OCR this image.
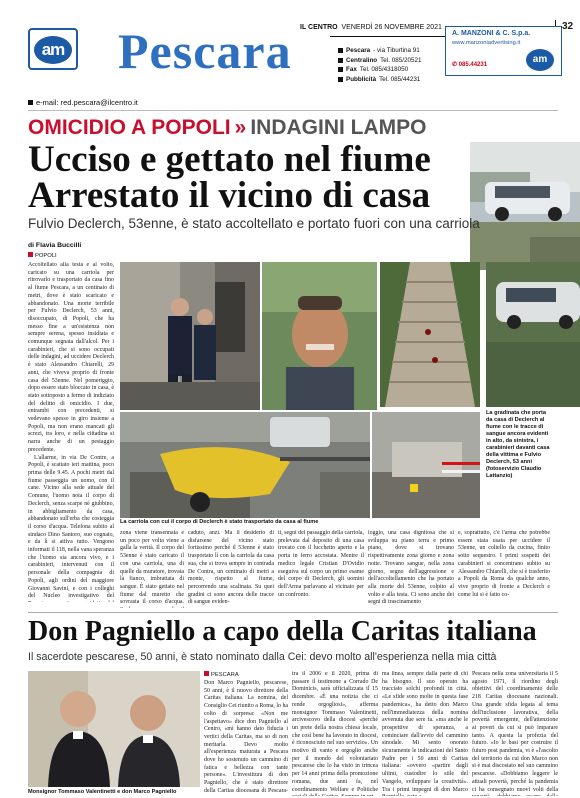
am Pescara IL CENTRO VENERDÌ 26 NOVEMBRE 2021	32
Pescara - via Tiburtina 91
Centralino Tel. 085/20521
Fax Tel. 085/4318050
Pubblicità Tel. 085/44231
A. MANZONI & C. S.p.a.
www.manzoniadvertising.it
✆ 085.44231	am
e-mail: red.pescara@ilcentro.it
OMICIDIO A POPOLI » INDAGINI LAMPO
Ucciso e gettato nel fiume
Arrestato il vicino di casa
Fulvio Declerch, 53enne, è stato accoltellato e portato fuori con una carriola
di Flavia Buccilli
POPOLI

Accoltellato alla testa e al volto, caricato su una carriola per ritrovarlo e trasportato da casa fino al fiume Pescara, a un centinaio di metri, dove è stato scaricato e abbandonato. Una morte terribile per Fulvio Declerch, 53 anni, disoccupato, di Popoli, che ha messo fine a un'esistenza non sempre serena, spesso insidiata e comunque segnata dall'alcol. Per i carabinieri, che si sono occupati delle indagini, ad uccidere Declerch è stato Alessandro Chiarelli, 29 anni, che viveva proprio di fronte casa del 53enne. Nel pomeriggio, dopo essere stato bloccato in casa, è stato sottoposto a fermo di indiziato del delitto di omicidio. I due, entrambi con precedenti, si vedevano spesso in giro insieme a Popoli, ma non erano mancati gli screzi, tra loro, e nella cittadina si narra anche di un pestaggio precedente.

L'allarme, in via De Contre, a Popoli, è scattato ieri mattina, poco prima delle 9.45. A pochi metri dal fiume passeggia un uomo, con il cane. Vicino alla sede attuale del Comune, l'uomo nota il corpo di Declerch, senza scarpe né giubbino, in abbigliamento da casa, abbandonato sull'erba che costeggia il corso d'acqua. Telefona subito al sindaco Dino Santoro, suo cognato, e da lì si attiva tutto. Vengono informati il 118, nella vana speranza che l'uomo sia ancora vivo, e i carabinieri, intervenuti con il personale della compagnia di Popoli, agli ordini del maggiore Giovanni Savini, e con i colleghi del Nucleo investigativo del

La gradinata che porta da casa di Declerch al fiume con le tracce di sangue ancora evidenti in alto, da sinistra, i carabinieri davanti casa della vittima e Fulvio Declerch, 53 anni (fotoservizio Claudio Lattanzio)
La carriola con cui il corpo di Declerch è stato trasportato da casa al fiume
zona viene transennata e un poco per volta viene a galla la verità. Il corpo del 53enne è stato caricato il con una carriola, una di quelle da muratore, trovata là fianco, imbrattata di sangue. È stato gettato nel fiume dal muretto che sovrasta il corso d'acqua.
caduto, anzi. Ma il desiderio di disfarsene del vicino stato fortissimo perché il 53enne è stato trasportato lì con la carriola da casa sua, che si trova sempre in contrada De Contra, un centinaio di metri a monte, rispetto al fiume, percorrendo una scalinata. Su quei gradini ci sono ancora delle tracce di sangue eviden-
ti, segni del passaggio della carriola, prelevata dal deposito di una casa trovato con il lucchetto aperto e la porta in ferro accostata. Mentre il medico legale Cristian D'Ovidio eseguiva sul corpo un primo esame del corpo di Declerch, gli uomini dell'Arma parlavano al vicinato per un confronto.
loggio, una casa dignitosa che si sviluppa su piano terra e primo piano, dove si trovano rispettivamente zona giorno e zona notte. Trovano sangue, nella zona giorno, segno dell'aggressione e dell'accoltellamento che ha portato alla morte del 53enne, colpito al volto e alla testa. Ci sono anche dei segni di trascinamento
e, soprattutto, c'è l'arma che potrebbe essere stata usata per uccidere il 53enne, un coltello da cucina, finito sotto sequestro. I primi sospetti dei carabinieri si concentrano subito su Alessandro Chiarelli, che si è trasferito a Popoli da Roma da qualche anno, vive proprio di fronte a Declerch e come lui si è fatto co-
Don Pagniello a capo della Caritas italiana
Il sacerdote pescarese, 50 anni, è stato nominato dalla Cei: devo molto all'esperienza nella mia città
Monsignor Tommaso Valentinetti e don Marco Pagniello
PESCARA
Don Marco Pagniello, pescarese, 50 anni, è il nuovo direttore della Caritas italiana. La nomina, del Consiglio Cei riunito a Roma, lo ha colto di sorpresa: «Non me l'aspettavo» dice don Pagniello al Centro, «mi hanno dato fiducia i vertici della Caritas, ma so di non meritarla. Devo molto all'esperienza maturata a Pescara dove ho sostenuto un cammino di fatica e bellezza con tante persone». L'investitura di don Pagniello, che è stato direttore della Caritas diocesana di Pescara-
tra il 2006 e il 2020, prima di passare il testimone a Corrado De Dominicis, sarà ufficializzata il 15 dicembre. «È una notizia che ci rende orgogliosi», afferma monsignor Tommaso Valentinetti, arcivescovo della diocesi «perché un prete della nostra chiesa locale, che così bene ha lavorato in diocesi, è riconosciuto nel suo servizio». Un motivo di vanto e orgoglio anche per il mondo del volontariato pescarese che lo ha visto in trincea per 14 anni prima della promozione romana, due anni fa, nel coordinamento Welfare e Politiche
ma linea, sempre dalla parte di chi ha bisogno. Il suo operato ha tracciato solchi profondi in città. «Le sfide sono molte in questa fase pandemica», ha detto don Marco nell'immediatezza della nomina avvenuta due sere fa. «ma anche le prospettive di speranza, a cominciare dall'avvio del cammino sinodale. Mi sento onorato sicuramente le indicazioni del Santo Padre per i 50 anni di Caritas italiana: «ovvero «partire dagli ultimi, custodire lo stile del Vangelo, sviluppare la creatività». Tra i primi impegni di don Marco
Pescara nella zona universitaria il 5 agosto 1971, il riordino degli obiettivi del coordinamento delle 218 Caritas diocesane nazionali. Una grande sfida legata al tema dell'inclusione lavorativa, della povertà emergente, dell'attenzione ai poveri da cui si può imparare tanto. A questa la profezia del futuro. «Io le basi per costruire il futuro post pandemia, vi è «l'ascolto del territorio da cui don Marco non si è mai discostato nel suo cammino pescarese. «Dobbiamo leggere le attuali povertà, perché la pandemia ci ha consegnato nuovi volti della
